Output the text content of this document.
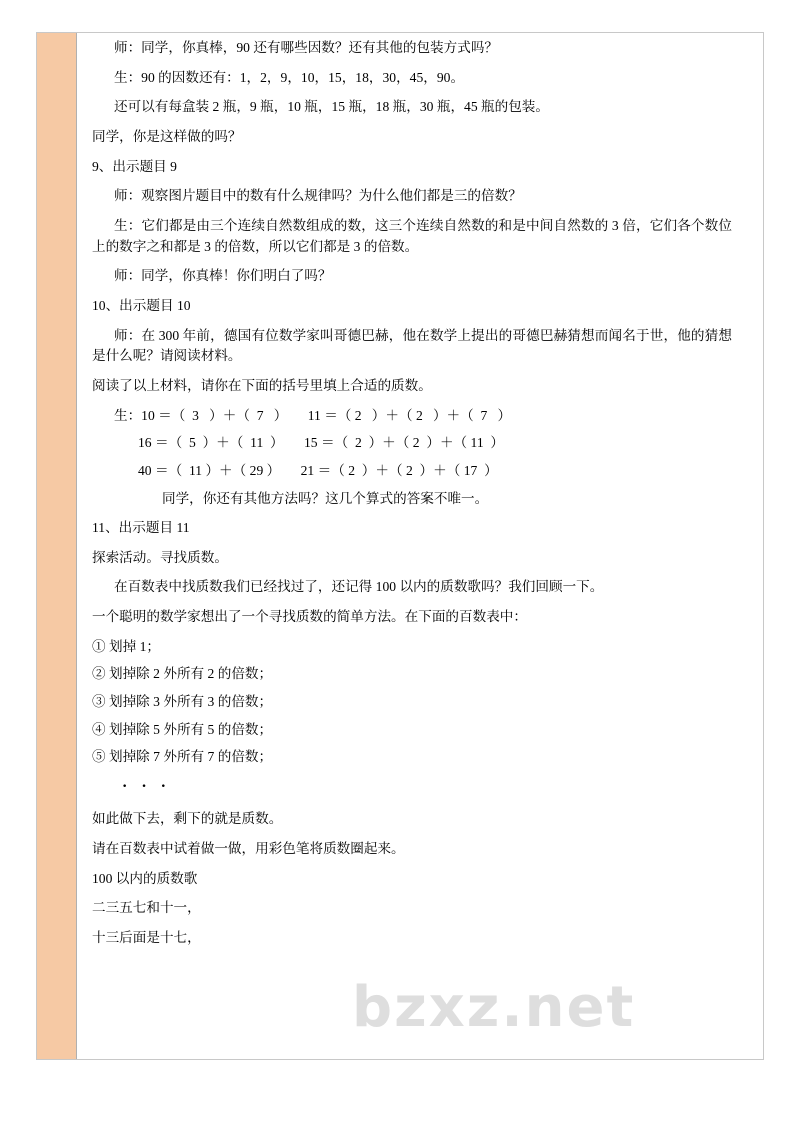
师：同学，你真棒，90 还有哪些因数？还有其他的包装方式吗？

生：90 的因数还有：1，2，9，10，15，18，30，45，90。

还可以有每盒装 2 瓶，9 瓶，10 瓶，15 瓶，18 瓶，30 瓶，45 瓶的包装。

同学，你是这样做的吗？

9、出示题目 9

师：观察图片题目中的数有什么规律吗？为什么他们都是三的倍数？

生：它们都是由三个连续自然数组成的数，这三个连续自然数的和是中间自然数的 3 倍，它们各个数位上的数字之和都是 3 的倍数，所以它们都是 3 的倍数。

师：同学，你真棒！你们明白了吗？

10、出示题目 10

师：在 300 年前，德国有位数学家叫哥德巴赫，他在数学上提出的哥德巴赫猜想而闻名于世，他的猜想是什么呢？请阅读材料。

阅读了以上材料，请你在下面的括号里填上合适的质数。

生：10 ＝（  3   ）＋（  7   ）　　11 ＝（ 2   ）＋（ 2   ）＋（  7   ）

16 ＝（  5  ）＋（  11  ）　　15 ＝（  2  ）＋（ 2  ）＋（ 11  ）

40 ＝（  11 ）＋（ 29 ）　　21 ＝（ 2  ）＋（ 2  ）＋（ 17  ）

同学，你还有其他方法吗？这几个算式的答案不唯一。

11、出示题目 11

探索活动。寻找质数。

在百数表中找质数我们已经找过了，还记得 100 以内的质数歌吗？我们回顾一下。

一个聪明的数学家想出了一个寻找质数的简单方法。在下面的百数表中：

① 划掉 1；

② 划掉除 2 外所有 2 的倍数；

③ 划掉除 3 外所有 3 的倍数；

④ 划掉除 5 外所有 5 的倍数；

⑤ 划掉除 7 外所有 7 的倍数；

· · ·

如此做下去，剩下的就是质数。

请在百数表中试着做一做，用彩色笔将质数圈起来。

100 以内的质数歌

二三五七和十一，

十三后面是十七，

bzxz.net
